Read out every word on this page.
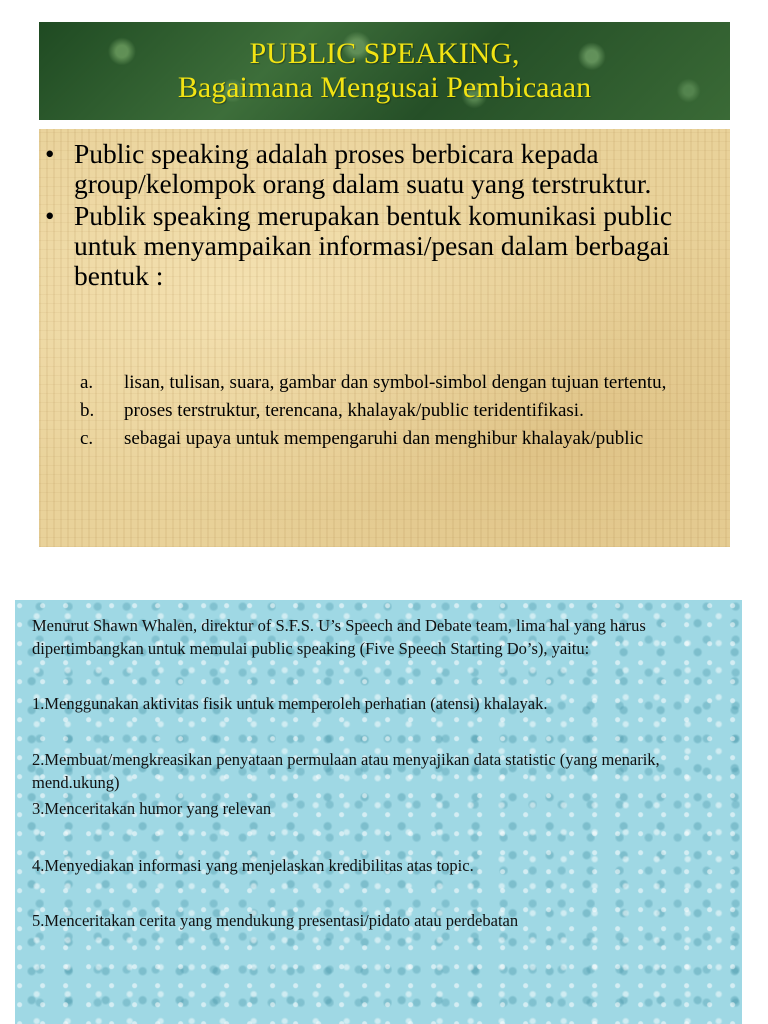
PUBLIC SPEAKING,
Bagaimana Mengusai Pembicaaan
• Public speaking adalah proses berbicara kepada group/kelompok orang dalam suatu yang terstruktur.
• Publik speaking merupakan bentuk komunikasi public untuk menyampaikan informasi/pesan dalam berbagai bentuk :
a. lisan, tulisan, suara, gambar dan symbol-simbol dengan tujuan tertentu,
b. proses terstruktur, terencana, khalayak/public teridentifikasi.
c. sebagai upaya untuk mempengaruhi dan menghibur khalayak/public
Menurut Shawn Whalen, direktur of S.F.S. U’s Speech and Debate team, lima hal yang harus dipertimbangkan untuk memulai public speaking (Five Speech Starting Do’s), yaitu:
1.Menggunakan aktivitas fisik untuk memperoleh perhatian (atensi) khalayak.
2.Membuat/mengkreasikan penyataan permulaan atau menyajikan data statistic (yang menarik, mend.ukung)
3.Menceritakan humor yang relevan
4.Menyediakan informasi yang menjelaskan kredibilitas atas topic.
5.Menceritakan cerita yang mendukung presentasi/pidato atau perdebatan
